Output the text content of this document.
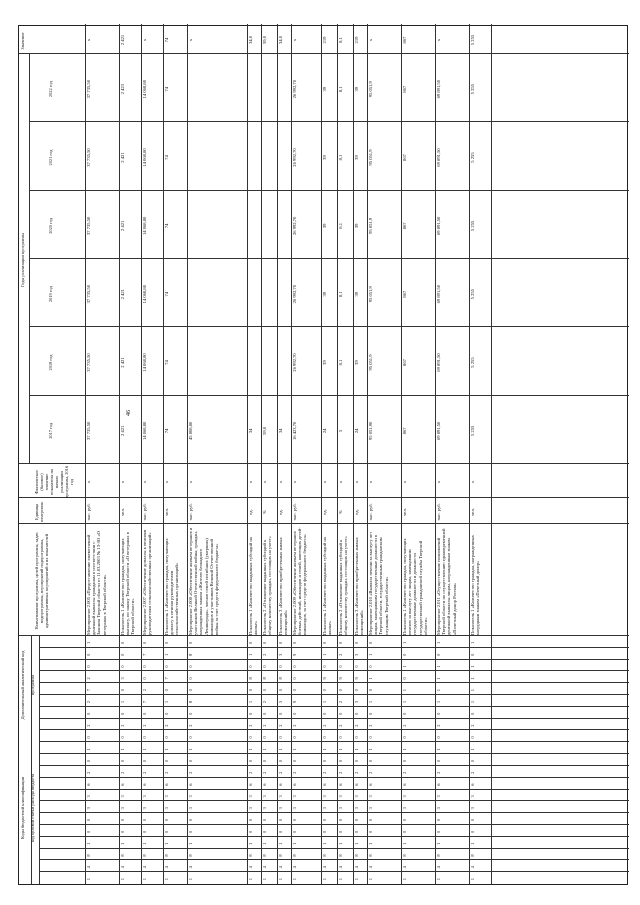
46
Коды бюджетной классификации
Дополнительный аналитический код
Наименование программы, целей программы, задач подпрограммы, мероприятий подпрограммы, административных мероприятий и их показателей
Единица измерения
Фактическое (базовое) значение показателя на начало реализации программы, 2016 год
Годы реализации программы
Значение
программа
код целевой статьи расхода бюджета
2017 год
2018 год
2019 год
2020 год
2021 год
2022 год
1
4
8
1
0
0
3
3
6
2
0
1
0
2
0
2
7
2
0
0
1
Мероприятие 2.005 «Предоставление ежемесячной денежной выплаты гражданам в соответствии с Законом Тверской области от 11.03.2003 № 13-ЗО «О ветеранах в Тверской области»
тыс. руб.
x
37 735,50
37 735,50
37 735,50
37 735,50
37 735,50
37 735,50
x
1
4
8
1
0
0
3
3
6
2
0
1
0
2
0
1
0
3
0
0
0
Показатель 1 «Количество граждан, получающих выплату, по закону Тверской области «О ветеранах в Тверской области»
чел.
x
2 421
2 421
2 421
2 421
2 421
2 423
2 421
1
4
8
1
0
0
3
3
6
2
0
1
0
2
0
7
2
0
0
7
0
Мероприятие 2.007 «Обеспечение доплаты к пенсиям руководителям сельскохозяйственных организаций»
тыс. руб.
x
14 068,80
14 068,80
14 068,80
14 068,80
14 068,80
14 068,80
x
1
4
8
1
0
0
3
3
6
2
0
1
0
2
0
1
0
7
0
1
0
Показатель 1 «Количество граждан, получающих доплату к пенсии руководителям сельскохозяйственных организаций»
чел.
x
74
74
74
74
74
74
74
1
4
8
1
0
0
3
3
6
2
0
1
0
2
0
8
0
0
0
8
0
Мероприятие 2.008 «Обеспечение жильем ветеранов и участников Великой Отечественной войны, граждан, награжденных знаком «Жителю блокадного Ленинграда», членов семей погибших (умерших) инвалидов и участников Великой Отечественной войны за счет средств федерального бюджета»
тыс. руб.
x
45 808,80
x
1
4
8
1
0
0
3
3
6
2
0
1
0
2
0
1
0
8
0
1
0
Показатель 1 «Количество выданных субсидий на жилье»
ед.
x
34
34,0
1
4
8
1
0
0
3
3
6
2
0
1
0
2
0
2
0
8
0
2
0
Показатель 2 «Отношение выданных субсидий к общему количеству граждан, состоящих на учете»
%
x
59,0
59,0
1
4
8
1
0
0
3
3
6
2
0
1
0
2
0
3
0
8
0
3
0
Показатель 3 «Количество приобретенных жилых помещений»
ед.
x
34
34,0
1
4
8
1
0
0
3
3
6
2
0
1
0
2
0
9
0
0
0
9
0
Мероприятие 2.009 «Обеспечение жильем ветеранов боевых действий, инвалидов и семей, имеющих детей-инвалидов, за счет средств федерального бюджета»
тыс. руб.
x
16 423,70
26 992,70
26 992,70
26 992,70
26 992,70
26 992,70
x
1
4
8
1
0
0
3
3
6
2
0
1
0
2
0
1
0
9
0
1
0
Показатель 1 «Количество выданных субсидий на жилье»
ед.
x
24
39
39
39
39
39
219
1
4
8
1
0
0
3
3
6
2
0
1
0
2
0
2
0
9
0
2
0
Показатель 2 «Отношение выданных субсидий к общему количеству граждан, состоящих на учете»
%
x
5
8,1
8,1
8,1
8,1
8,1
8,1
1
4
8
1
0
0
3
3
6
2
0
1
0
2
0
3
0
9
0
3
0
Показатель 3 «Количество приобретенных жилых помещений»
ед.
x
24
39
39
39
39
39
219
1
4
8
1
0
0
3
3
6
2
0
1
0
2
0
1
0
1
0
1
0
Мероприятие 2.010 «Выплата пенсии за выслугу лет лицам, замещавшим государственные должности в Тверской области, государственным гражданским служащим Тверской области»
тыс. руб.
x
95 051,90
95 051,9
95 051,9
95 051,9
95 051,9
95 051,9
x
1
4
8
1
0
0
3
3
6
2
0
1
0
2
0
1
1
0
1
0
1
Показатель 1 «Количество граждан, получающих пенсию за выслугу лет лицам, замещавшим государственные должности и должности государственной гражданской службы Тверской области»
чел.
x
867
867
867
867
867
867
867
1
4
8
1
0
0
3
3
6
2
0
1
0
2
0
1
1
1
1
0
1
Мероприятие 2.011 «Осуществление полномочий Тверской области по осуществлению единовременной денежной выплаты лицам, награжденным знаком «Почетный донор России»
тыс. руб.
x
69 891,50
69 891,50
69 891,50
69 891,50
69 891,50
69 891,50
x
1
4
8
1
0
0
3
3
6
2
0
1
0
2
0
1
1
1
1
0
1
Показатель 1 «Количество граждан, награжденных нагрудным знаком «Почетный донор»
чел.
x
5 255
5 255
5 255
5 255
5 255
5 255
5 255
